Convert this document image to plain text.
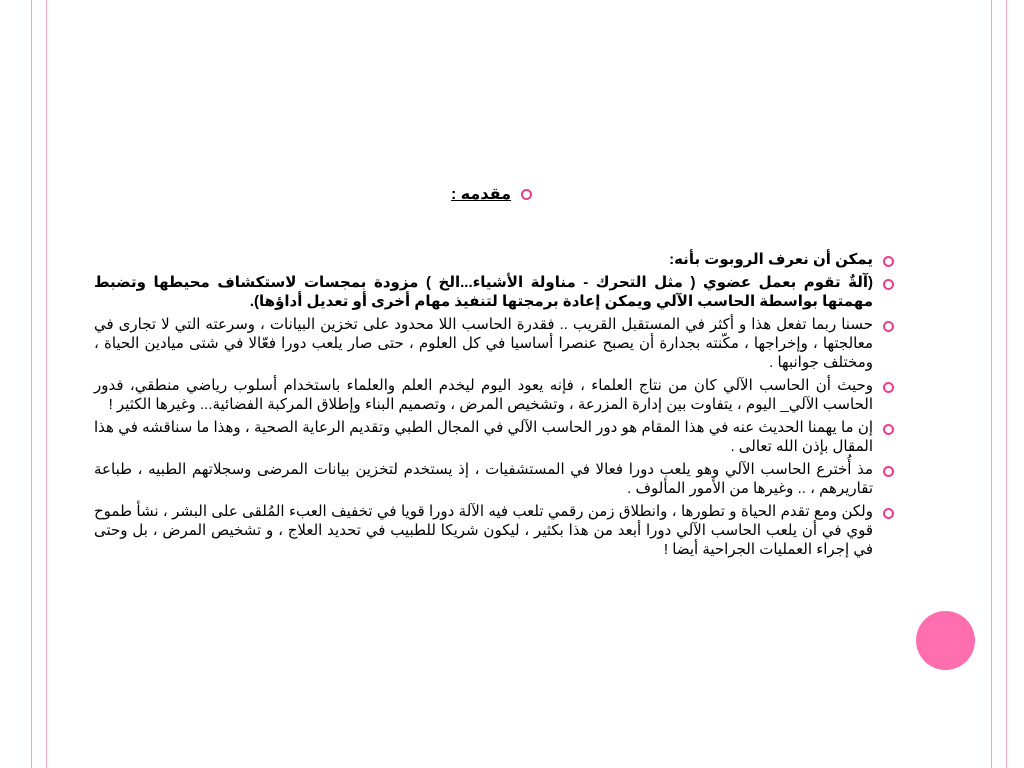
مقدمه :
يمكن أن نعرف الروبوت بأنه:
(آلةٌ تقوم بعمل عضوي ( مثل التحرك - مناولة الأشياء...الخ ) مزودة بمجسات لاستكشاف محيطها وتضبط مهمتها بواسطة الحاسب الآلي ويمكن إعادة برمجتها لتنفيذ مهام أخرى أو تعديل أداؤها).
حسنا ربما تفعل هذا و أكثر في المستقبل القريب .. فقدرة الحاسب اللا محدود على تخزين البيانات ، وسرعته التي لا تجارى في معالجتها ، وإخراجها ، مكّنته بجدارة أن يصبح عنصرا أساسيا في كل العلوم ، حتى صار يلعب دورا فعّالا في شتى ميادين الحياة ، ومختلف جوانبها .
وحيث أن الحاسب الآلي كان من نتاج العلماء ، فإنه يعود اليوم ليخدم العلم والعلماء باستخدام أسلوب رياضي منطقي، فدور الحاسب الآلي_ اليوم ، يتفاوت بين إدارة المزرعة ، وتشخيص المرض ، وتصميم البناء وإطلاق المركبة الفضائية... وغيرها الكثير !
إن ما يهمنا الحديث عنه في هذا المقام هو دور الحاسب الآلي في المجال الطبي وتقديم الرعاية الصحية ، وهذا ما سناقشه في هذا المقال بإذن الله تعالى .
مذ أُخترع الحاسب الآلي وهو يلعب دورا فعالا في المستشفيات ، إذ يستخدم لتخزين بيانات المرضى وسجلاتهم الطبيه ، طباعة تقاريرهم ، .. وغيرها من الأمور المألوف .
ولكن ومع تقدم الحياة و تطورها ، وانطلاق زمن رقمي تلعب فيه الآلة دورا قويا في تخفيف العبء المُلقى على البشر ، نشأ طموح قوي في أن يلعب الحاسب الآلي دورا أبعد من هذا بكثير ، ليكون شريكا للطبيب في تحديد العلاج ، و تشخيص المرض ، بل وحتى في إجراء العمليات الجراحية أيضا !
